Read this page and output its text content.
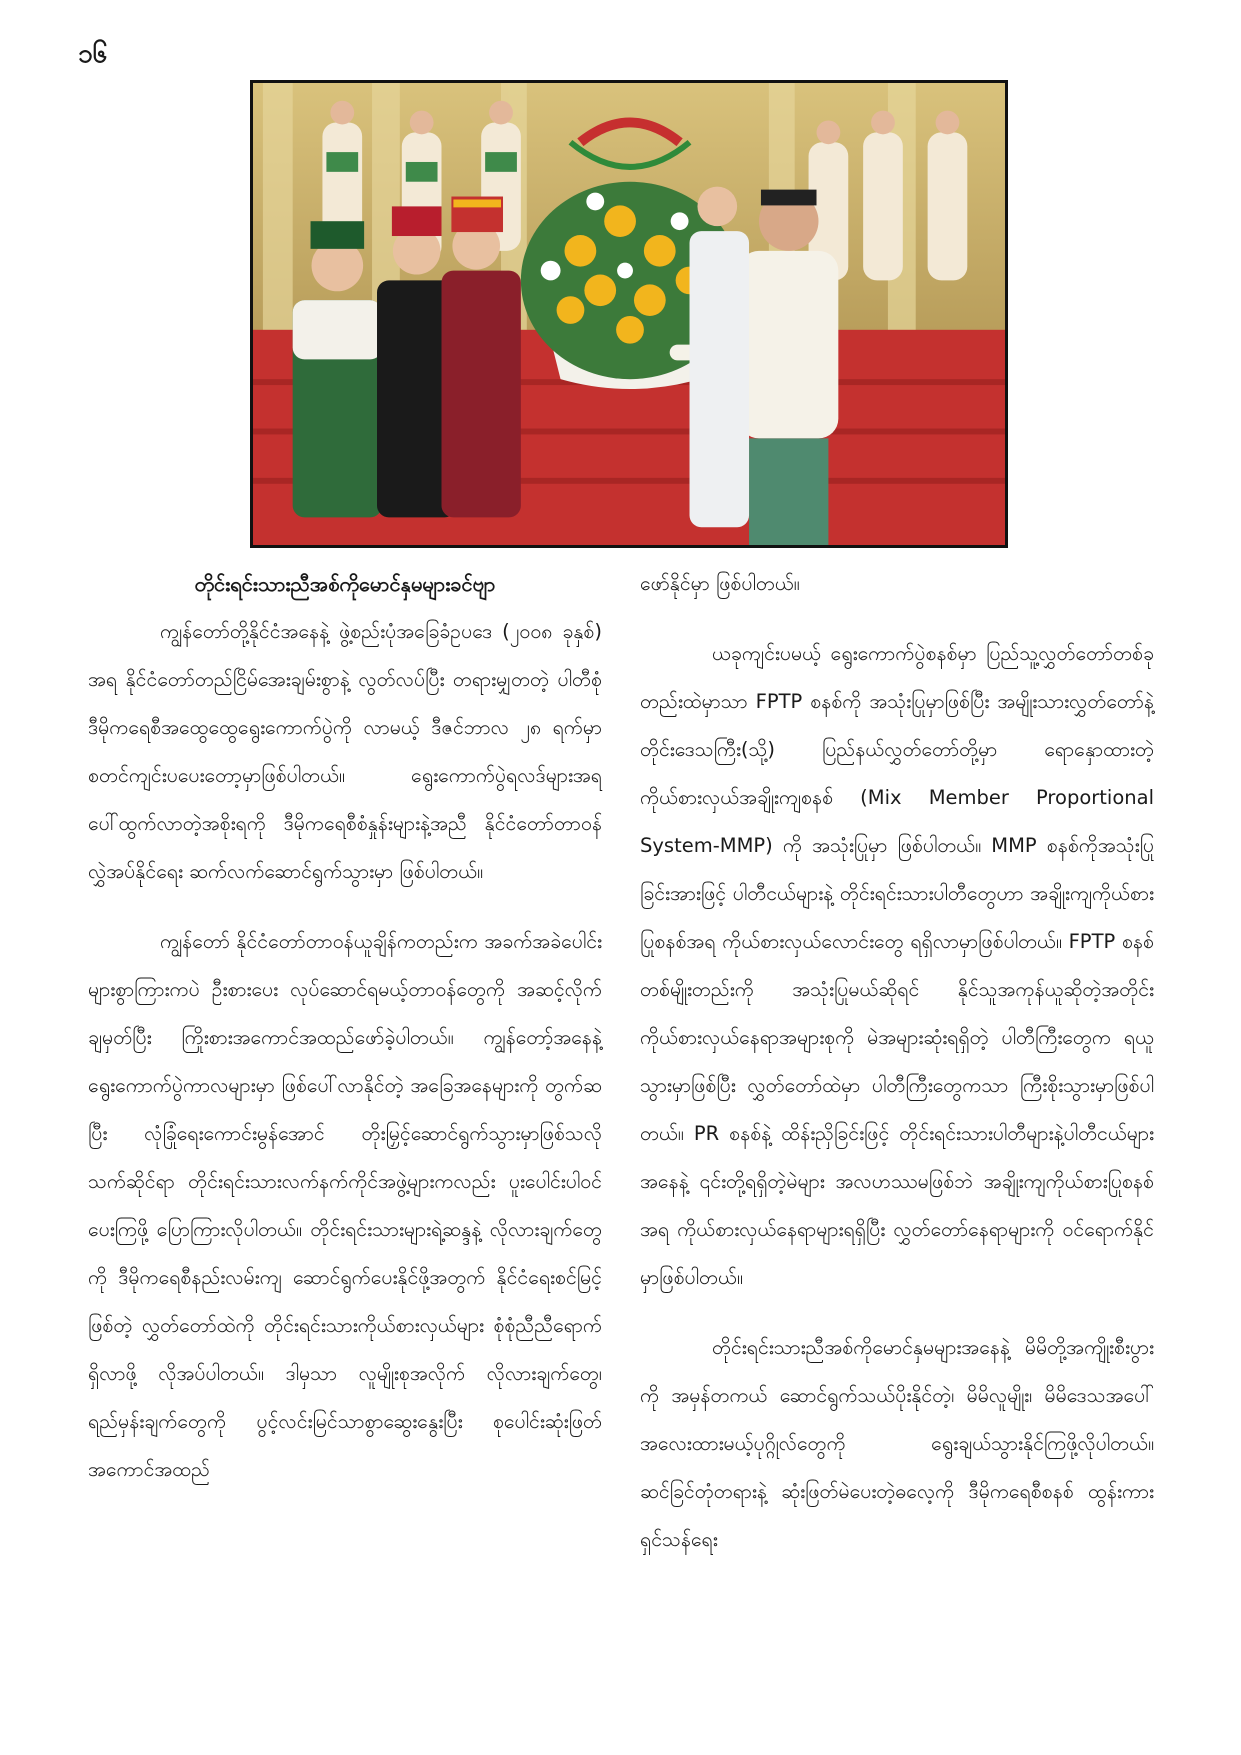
၁၆
တိုင်းရင်းသားညီအစ်ကိုမောင်နှမများခင်ဗျာ

ကျွန်တော်တို့နိုင်ငံအနေနဲ့ ဖွဲ့စည်းပုံအခြေခံဥပဒေ (၂၀၀၈ ခုနှစ်) အရ နိုင်ငံတော်တည်ငြိမ်အေးချမ်းစွာနဲ့ လွတ်လပ်ပြီး တရားမျှတတဲ့ ပါတီစုံဒီမိုကရေစီအထွေထွေရွေးကောက်ပွဲကို လာမယ့် ဒီဇင်ဘာလ ၂၈ ရက်မှာ စတင်ကျင်းပပေးတော့မှာဖြစ်ပါတယ်။ ရွေးကောက်ပွဲရလဒ်များအရ ပေါ်ထွက်လာတဲ့အစိုးရကို ဒီမိုကရေစီစံနှုန်းများနဲ့အညီ နိုင်ငံတော်တာဝန်လွှဲအပ်နိုင်ရေး ဆက်လက်ဆောင်ရွက်သွားမှာ ဖြစ်ပါတယ်။

ကျွန်တော် နိုင်ငံတော်တာဝန်ယူချိန်ကတည်းက အခက်အခဲပေါင်းများစွာကြားကပဲ ဦးစားပေး လုပ်ဆောင်ရမယ့်တာဝန်တွေကို အဆင့်လိုက်ချမှတ်ပြီး ကြိုးစားအကောင်အထည်ဖော်ခဲ့ပါတယ်။ ကျွန်တော့်အနေနဲ့ ရွေးကောက်ပွဲကာလများမှာ ဖြစ်ပေါ်လာနိုင်တဲ့ အခြေအနေများကို တွက်ဆပြီး လုံခြုံရေးကောင်းမွန်အောင် တိုးမြှင့်ဆောင်ရွက်သွားမှာဖြစ်သလို သက်ဆိုင်ရာ တိုင်းရင်းသားလက်နက်ကိုင်အဖွဲ့များကလည်း ပူးပေါင်းပါဝင်ပေးကြဖို့ ပြောကြားလိုပါတယ်။ တိုင်းရင်းသားများရဲ့ဆန္ဒနဲ့ လိုလားချက်တွေကို ဒီမိုကရေစီနည်းလမ်းကျ ဆောင်ရွက်ပေးနိုင်ဖို့အတွက် နိုင်ငံရေးစင်မြင့်ဖြစ်တဲ့ လွှတ်တော်ထဲကို တိုင်းရင်းသားကိုယ်စားလှယ်များ စုံစုံညီညီရောက်ရှိလာဖို့ လိုအပ်ပါတယ်။ ဒါမှသာ လူမျိုးစုအလိုက် လိုလားချက်တွေ၊ ရည်မှန်းချက်တွေကို ပွင့်လင်းမြင်သာစွာဆွေးနွေးပြီး စုပေါင်းဆုံးဖြတ် အကောင်အထည်

ဖော်နိုင်မှာ ဖြစ်ပါတယ်။

ယခုကျင်းပမယ့် ရွေးကောက်ပွဲစနစ်မှာ ပြည်သူ့လွှတ်တော်တစ်ခုတည်းထဲမှာသာ FPTP စနစ်ကို အသုံးပြုမှာဖြစ်ပြီး အမျိုးသားလွှတ်တော်နဲ့ တိုင်းဒေသကြီး(သို့) ပြည်နယ်လွှတ်တော်တို့မှာ ရောနှောထားတဲ့ ကိုယ်စားလှယ်အချိုးကျစနစ် (Mix Member Proportional System-MMP) ကို အသုံးပြုမှာ ဖြစ်ပါတယ်။ MMP စနစ်ကိုအသုံးပြုခြင်းအားဖြင့် ပါတီငယ်များနဲ့ တိုင်းရင်းသားပါတီတွေဟာ အချိုးကျကိုယ်စားပြုစနစ်အရ ကိုယ်စားလှယ်လောင်းတွေ ရရှိလာမှာဖြစ်ပါတယ်။ FPTP စနစ်တစ်မျိုးတည်းကို အသုံးပြုမယ်ဆိုရင် နိုင်သူအကုန်ယူဆိုတဲ့အတိုင်း ကိုယ်စားလှယ်နေရာအများစုကို မဲအများဆုံးရရှိတဲ့ ပါတီကြီးတွေက ရယူသွားမှာဖြစ်ပြီး လွှတ်တော်ထဲမှာ ပါတီကြီးတွေကသာ ကြီးစိုးသွားမှာဖြစ်ပါတယ်။ PR စနစ်နဲ့ ထိန်းညှိခြင်းဖြင့် တိုင်းရင်းသားပါတီများနဲ့ပါတီငယ်များအနေနဲ့ ၎င်းတို့ရရှိတဲ့မဲများ အလဟဿမဖြစ်ဘဲ အချိုးကျကိုယ်စားပြုစနစ်အရ ကိုယ်စားလှယ်နေရာများရရှိပြီး လွှတ်တော်နေရာများကို ဝင်ရောက်နိုင်မှာဖြစ်ပါတယ်။

တိုင်းရင်းသားညီအစ်ကိုမောင်နှမများအနေနဲ့ မိမိတို့အကျိုးစီးပွားကို အမှန်တကယ် ဆောင်ရွက်သယ်ပိုးနိုင်တဲ့၊ မိမိလူမျိုး၊ မိမိဒေသအပေါ် အလေးထားမယ့်ပုဂ္ဂိုလ်တွေကို ရွေးချယ်သွားနိုင်ကြဖို့လိုပါတယ်။ ဆင်ခြင်တုံတရားနဲ့ ဆုံးဖြတ်မဲပေးတဲ့ဓလေ့ကို ဒီမိုကရေစီစနစ် ထွန်းကားရှင်သန်ရေး
